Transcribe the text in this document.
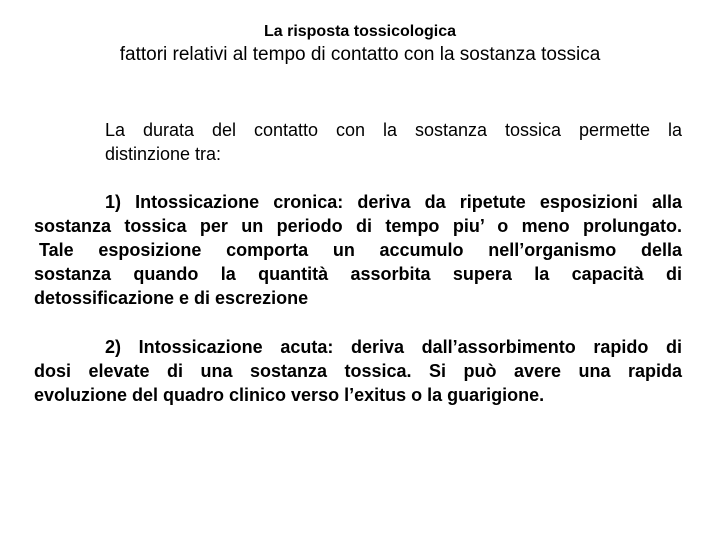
La risposta tossicologica
fattori relativi al tempo di contatto con la sostanza tossica
La durata del contatto con la sostanza tossica permette la
distinzione tra:
1) Intossicazione cronica: deriva da ripetute esposizioni alla
sostanza tossica per un periodo di tempo piu’ o meno prolungato.
Tale esposizione comporta un accumulo nell’organismo della
sostanza quando la quantità assorbita supera la capacità di
detossificazione e di escrezione
2) Intossicazione acuta: deriva dall’assorbimento rapido di
dosi elevate di una sostanza tossica. Si può avere una rapida
evoluzione del quadro clinico verso l’exitus o la guarigione.
